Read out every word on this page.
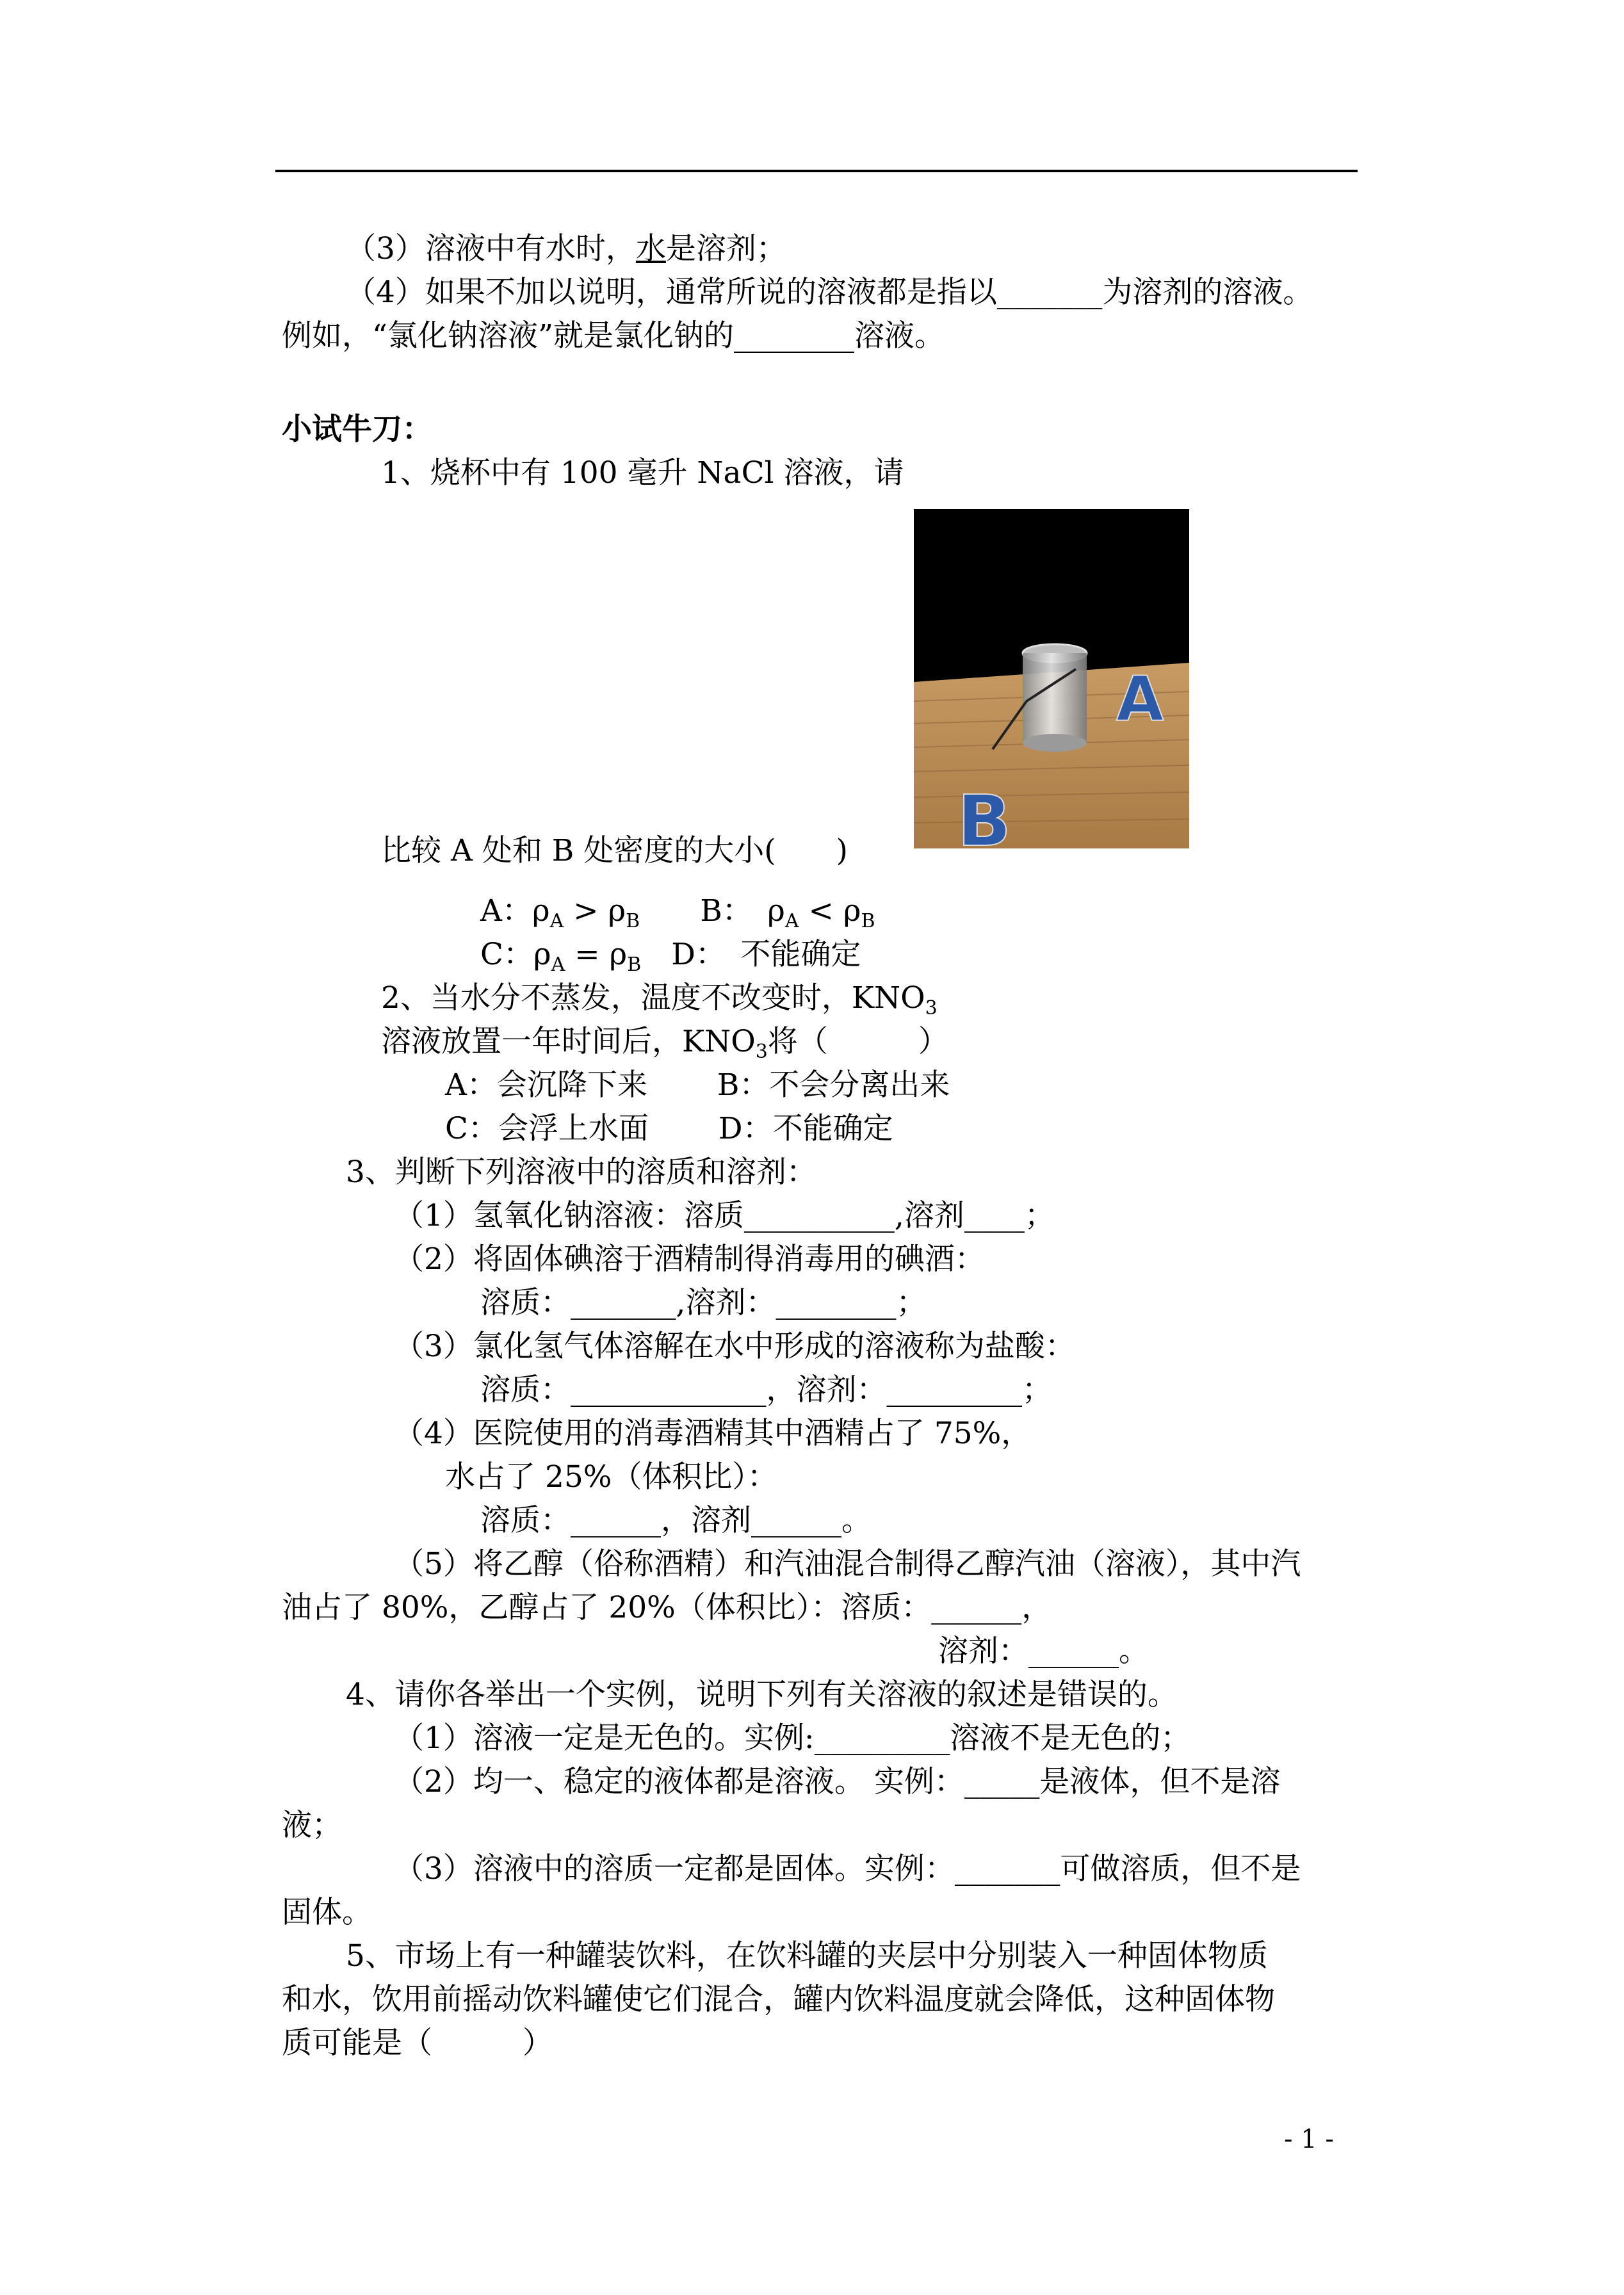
（3）溶液中有水时，水是溶剂；
（4）如果不加以说明，通常所说的溶液都是指以_______为溶剂的溶液。
例如，“氯化钠溶液”就是氯化钠的________溶液。
小试牛刀：
1、烧杯中有 100 毫升 NaCl 溶液，请
A
B
比较 A 处和 B 处密度的大小(　　)
A：$\rho_A > \rho_B$　　 B：　$\rho_A < \rho_B$
C：$\rho_A = \rho_B$　 D：　不能确定
2、当水分不蒸发，温度不改变时，$KNO_3$
溶液放置一年时间后，$KNO_3$将（　　　）
A：会沉降下来　　 B：不会分离出来
C：会浮上水面　　 D：不能确定
3、判断下列溶液中的溶质和溶剂：
（1）氢氧化钠溶液：溶质__________,溶剂____；
（2）将固体碘溶于酒精制得消毒用的碘酒：
溶质：_______,溶剂：________；
（3）氯化氢气体溶解在水中形成的溶液称为盐酸：
溶质：_____________，溶剂：_________；
（4）医院使用的消毒酒精其中酒精占了 75%，
水占了 25%（体积比）：
溶质：______，溶剂______。
（5）将乙醇（俗称酒精）和汽油混合制得乙醇汽油（溶液），其中汽
油占了 80%，乙醇占了 20%（体积比）：溶质：______，
溶剂：______。
4、请你各举出一个实例，说明下列有关溶液的叙述是错误的。
（1）溶液一定是无色的。实例:_________溶液不是无色的；
（2）均一、稳定的液体都是溶液。 实例：_____是液体，但不是溶
液；
（3）溶液中的溶质一定都是固体。实例：_______可做溶质，但不是
固体。
5、市场上有一种罐装饮料，在饮料罐的夹层中分别装入一种固体物质
和水，饮用前摇动饮料罐使它们混合，罐内饮料温度就会降低，这种固体物
质可能是（　　　）
- 1 -
